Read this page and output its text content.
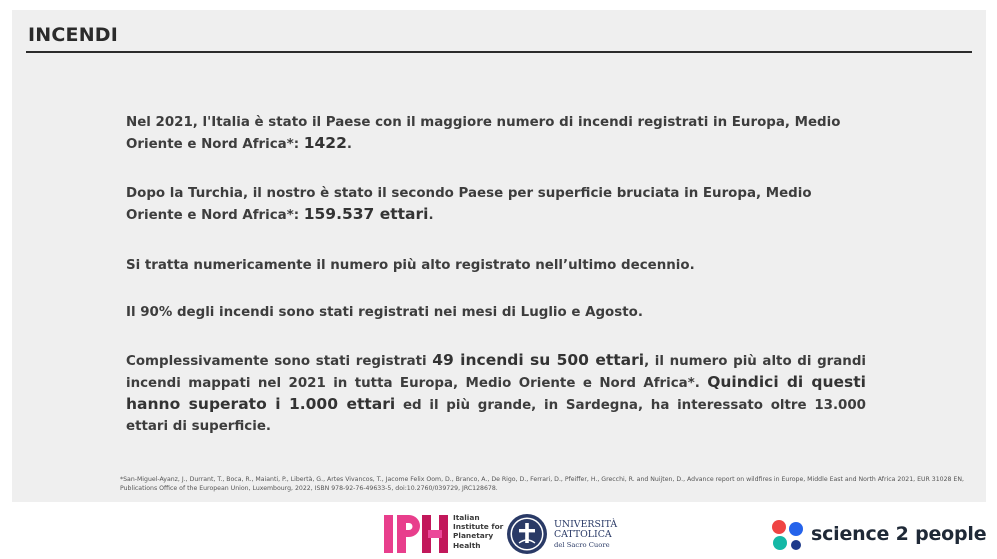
INCENDI
Nel 2021, l'Italia è stato il Paese con il maggiore numero di incendi registrati in Europa, Medio Oriente e Nord Africa*: 1422.
Dopo la Turchia, il nostro è stato il secondo Paese per superficie bruciata in Europa, Medio Oriente e Nord Africa*: 159.537 ettari.
Si tratta numericamente il numero più alto registrato nell’ultimo decennio.
Il 90% degli incendi sono stati registrati nei mesi di Luglio e Agosto.
Complessivamente sono stati registrati 49 incendi su 500 ettari, il numero più alto di grandi incendi mappati nel 2021 in tutta Europa, Medio Oriente e Nord Africa*. Quindici di questi hanno superato i 1.000 ettari ed il più grande, in Sardegna, ha interessato oltre 13.000 ettari di superficie.
*San-Miguel-Ayanz, J., Durrant, T., Boca, R., Maianti, P., Libertà, G., Artes Vivancos, T., Jacome Felix Oom, D., Branco, A., De Rigo, D., Ferrari, D., Pfeiffer, H., Grecchi, R. and Nuijten, D., Advance report on wildfires in Europe, Middle East and North Africa 2021, EUR 31028 EN, Publications Office of the European Union, Luxembourg, 2022, ISBN 978-92-76-49633-5, doi:10.2760/039729, JRC128678.
IPH	Italian
Institute for
Planetary
Health
UNIVERSITÀ
CATTOLICA
del Sacro Cuore	science 2 people
